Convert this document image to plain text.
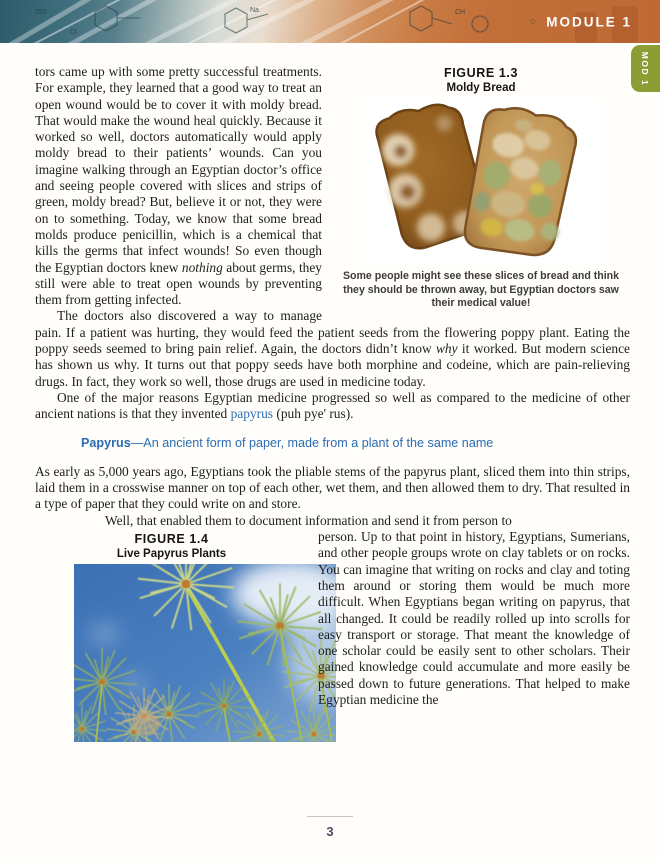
Cl
Na	CH
O
250
MODULE 1
MOD 1
FIGURE 1.3
Moldy Bread
Some people might see these slices of bread and think they should be thrown away, but Egyptian doctors saw their medical value!

tors came up with some pretty successful treatments. For example, they learned that a good way to treat an open wound would be to cover it with moldy bread. That would make the wound heal quickly. Because it worked so well, doctors automatically would apply moldy bread to their patients’ wounds. Can you imagine walking through an Egyptian doctor’s office and seeing people covered with slices and strips of green, moldy bread? But, believe it or not, they were on to something. Today, we know that some bread molds produce penicillin, which is a chemical that kills the germs that infect wounds! So even though the Egyptian doctors knew nothing about germs, they still were able to treat open wounds by preventing them from getting infected.

The doctors also discovered a way to manage pain. If a patient was hurting, they would feed the patient seeds from the flowering poppy plant. Eating the poppy seeds seemed to bring pain relief. Again, the doctors didn’t know why it worked. But modern science has shown us why. It turns out that poppy seeds have both morphine and codeine, which are pain-relieving drugs. In fact, they work so well, those drugs are used in medicine today.

One of the major reasons Egyptian medicine progressed so well as compared to the medicine of other ancient nations is that they invented papyrus (puh pye' rus).

Papyrus—An ancient form of paper, made from a plant of the same name

As early as 5,000 years ago, Egyptians took the pliable stems of the papyrus plant, sliced them into thin strips, laid them in a crosswise manner on top of each other, wet them, and then allowed them to dry. That resulted in a type of paper that they could write on and store.

Well, that enabled them to document information and send it from person to

FIGURE 1.4
Live Papyrus Plants

person. Up to that point in history, Egyptians, Sumerians, and other people groups wrote on clay tablets or on rocks. You can imagine that writing on rocks and clay and toting them around or storing them would be much more difficult. When Egyptians began writing on papyrus, that all changed. It could be readily rolled up into scrolls for easy transport or storage. That meant the knowledge of one scholar could be easily sent to other scholars. Their gained knowledge could accumulate and more easily be passed down to future generations. That helped to make Egyptian medicine the

3
